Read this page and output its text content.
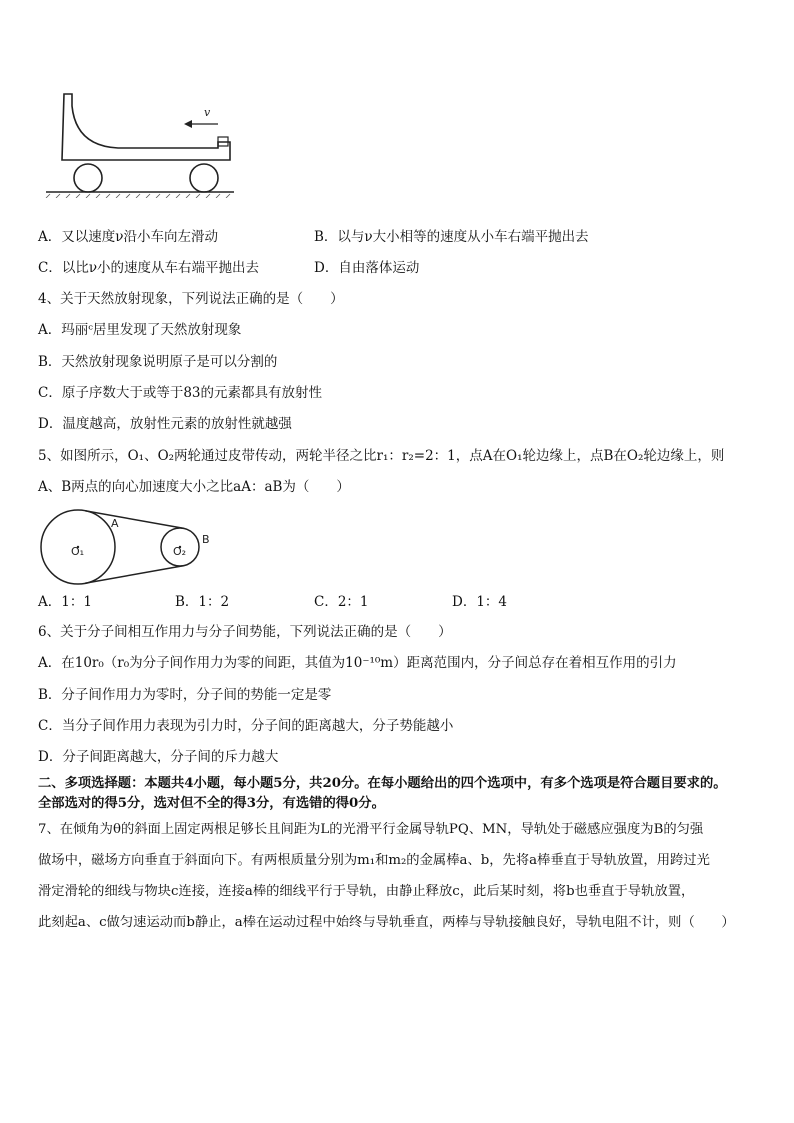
v
A．又以速度ν沿小车向左滑动	B．以与ν大小相等的速度从小车右端平抛出去
C．以比ν小的速度从车右端平抛出去	D．自由落体运动
4、关于天然放射现象，下列说法正确的是（　　）
A．玛丽ᶜ居里发现了天然放射现象
B．天然放射现象说明原子是可以分割的
C．原子序数大于或等于83的元素都具有放射性
D．温度越高，放射性元素的放射性就越强
5、如图所示，O₁、O₂两轮通过皮带传动，两轮半径之比r₁：r₂=2：1，点A在O₁轮边缘上，点B在O₂轮边缘上，则
A、B两点的向心加速度大小之比aA：aB为（　　）
O₁	O₂
A
B
A．1：1	B．1：2	C．2：1	D．1：4
6、关于分子间相互作用力与分子间势能，下列说法正确的是（　　）
A．在10r₀（r₀为分子间作用力为零的间距，其值为10⁻¹⁰m）距离范围内，分子间总存在着相互作用的引力
B．分子间作用力为零时，分子间的势能一定是零
C．当分子间作用力表现为引力时，分子间的距离越大，分子势能越小
D．分子间距离越大，分子间的斥力越大
二、多项选择题：本题共4小题，每小题5分，共20分。在每小题给出的四个选项中，有多个选项是符合题目要求的。
全部选对的得5分，选对但不全的得3分，有选错的得0分。
7、在倾角为θ的斜面上固定两根足够长且间距为L的光滑平行金属导轨PQ、MN，导轨处于磁感应强度为B的匀强
做场中，磁场方向垂直于斜面向下。有两根质量分别为m₁和m₂的金属棒a、b，先将a棒垂直于导轨放置，用跨过光
滑定滑轮的细线与物块c连接，连接a棒的细线平行于导轨，由静止释放c，此后某时刻，将b也垂直于导轨放置，
此刻起a、c做匀速运动而b静止，a棒在运动过程中始终与导轨垂直，两棒与导轨接触良好，导轨电阻不计，则（　　）
